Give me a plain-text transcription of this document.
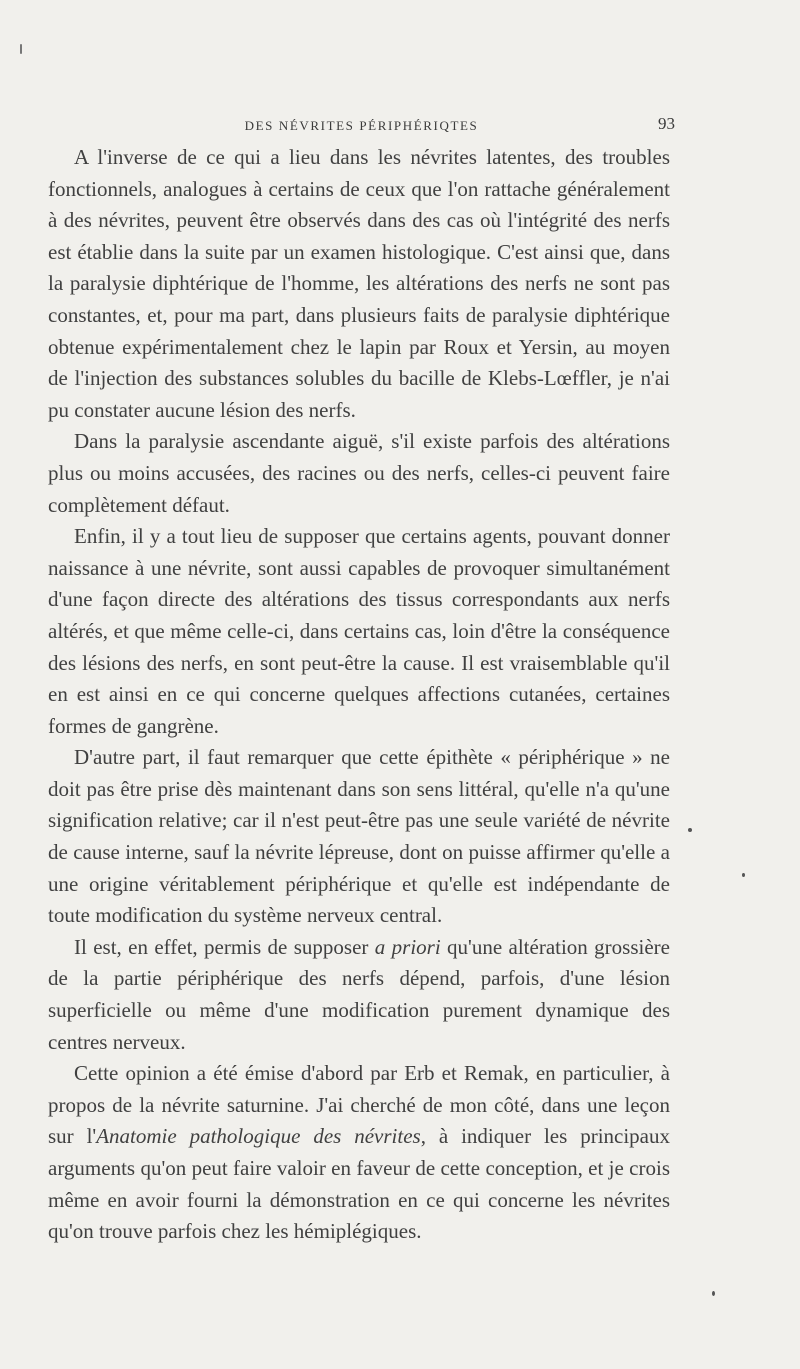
DES NÉVRITES PÉRIPHÉRIQTES	93

A l'inverse de ce qui a lieu dans les névrites latentes, des troubles fonctionnels, analogues à certains de ceux que l'on rattache généralement à des névrites, peuvent être observés dans des cas où l'intégrité des nerfs est établie dans la suite par un examen histologique. C'est ainsi que, dans la paralysie diphtérique de l'homme, les altérations des nerfs ne sont pas constantes, et, pour ma part, dans plusieurs faits de paralysie diphtérique obtenue expérimentalement chez le lapin par Roux et Yersin, au moyen de l'injection des substances solubles du bacille de Klebs-Lœffler, je n'ai pu constater aucune lésion des nerfs.

Dans la paralysie ascendante aiguë, s'il existe parfois des altérations plus ou moins accusées, des racines ou des nerfs, celles-ci peuvent faire complètement défaut.

Enfin, il y a tout lieu de supposer que certains agents, pouvant donner naissance à une névrite, sont aussi capables de provoquer simultanément d'une façon directe des altérations des tissus correspondants aux nerfs altérés, et que même celle-ci, dans certains cas, loin d'être la conséquence des lésions des nerfs, en sont peut-être la cause. Il est vraisemblable qu'il en est ainsi en ce qui concerne quelques affections cutanées, certaines formes de gangrène.

D'autre part, il faut remarquer que cette épithète « périphérique » ne doit pas être prise dès maintenant dans son sens littéral, qu'elle n'a qu'une signification relative; car il n'est peut-être pas une seule variété de névrite de cause interne, sauf la névrite lépreuse, dont on puisse affirmer qu'elle a une origine véritablement périphérique et qu'elle est indépendante de toute modification du système nerveux central.

Il est, en effet, permis de supposer a priori qu'une altération grossière de la partie périphérique des nerfs dépend, parfois, d'une lésion superficielle ou même d'une modification purement dynamique des centres nerveux.

Cette opinion a été émise d'abord par Erb et Remak, en particulier, à propos de la névrite saturnine. J'ai cherché de mon côté, dans une leçon sur l'Anatomie pathologique des névrites, à indiquer les principaux arguments qu'on peut faire valoir en faveur de cette conception, et je crois même en avoir fourni la démonstration en ce qui concerne les névrites qu'on trouve parfois chez les hémiplégiques.
